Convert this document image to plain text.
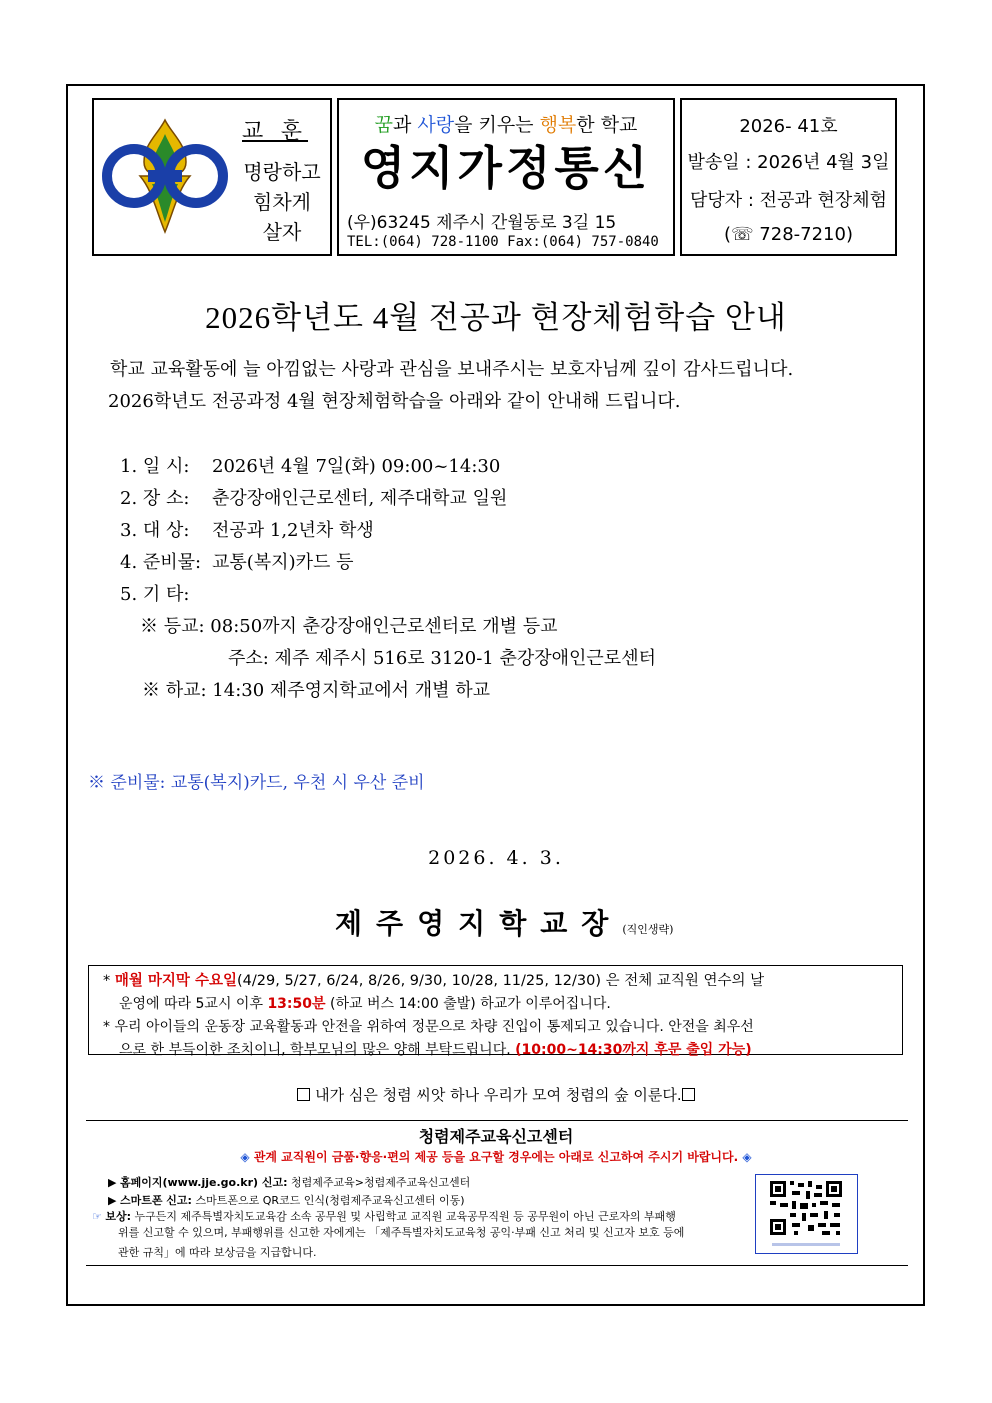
교 훈
명랑하고
힘차게
살자
꿈과 사랑을 키우는 행복한 학교
영지가정통신
(우)63245 제주시 간월동로 3길 15
TEL:(064) 728-1100 Fax:(064) 757-0840
2026- 41호
발송일 : 2026년 4월 3일
담당자 : 전공과 현장체험
(☏ 728-7210)
2026학년도 4월 전공과 현장체험학습 안내
학교 교육활동에 늘 아낌없는 사랑과 관심을 보내주시는 보호자님께 깊이 감사드립니다.
2026학년도 전공과정 4월 현장체험학습을 아래와 같이 안내해 드립니다.
1. 일 시: 2026년 4월 7일(화) 09:00~14:30
2. 장 소: 춘강장애인근로센터, 제주대학교 일원
3. 대 상: 전공과 1,2년차 학생
4. 준비물: 교통(복지)카드 등
5. 기 타:
※ 등교: 08:50까지 춘강장애인근로센터로 개별 등교
주소: 제주 제주시 516로 3120-1 춘강장애인근로센터
※ 하교: 14:30 제주영지학교에서 개별 하교
※ 준비물: 교통(복지)카드, 우천 시 우산 준비
2026. 4. 3.
제주영지학교장(직인생략)
* 매월 마지막 수요일(4/29, 5/27, 6/24, 8/26, 9/30, 10/28, 11/25, 12/30) 은 전체 교직원 연수의 날
운영에 따라 5교시 이후 13:50분 (하교 버스 14:00 출발) 하교가 이루어집니다.
* 우리 아이들의 운동장 교육활동과 안전을 위하여 정문으로 차량 진입이 통제되고 있습니다. 안전을 최우선
으로 한 부득이한 조치이니, 학부모님의 많은 양해 부탁드립니다. (10:00~14:30까지 후문 출입 가능)
내가 심은 청렴 씨앗 하나 우리가 모여 청렴의 숲 이룬다.
청렴제주교육신고센터
◈ 관계 교직원이 금품·향응·편의 제공 등을 요구할 경우에는 아래로 신고하여 주시기 바랍니다. ◈
▶ 홈페이지(www.jje.go.kr) 신고: 청렴제주교육>청렴제주교육신고센터
▶ 스마트폰 신고: 스마트폰으로 QR코드 인식(청렴제주교육신고센터 이동)
☞ 보상: 누구든지 제주특별자치도교육감 소속 공무원 및 사립학교 교직원 교육공무직원 등 공무원이 아닌 근로자의 부패행
위를 신고할 수 있으며, 부패행위를 신고한 자에게는 「제주특별자치도교육청 공익·부패 신고 처리 및 신고자 보호 등에
관한 규칙」에 따라 보상금을 지급합니다.
